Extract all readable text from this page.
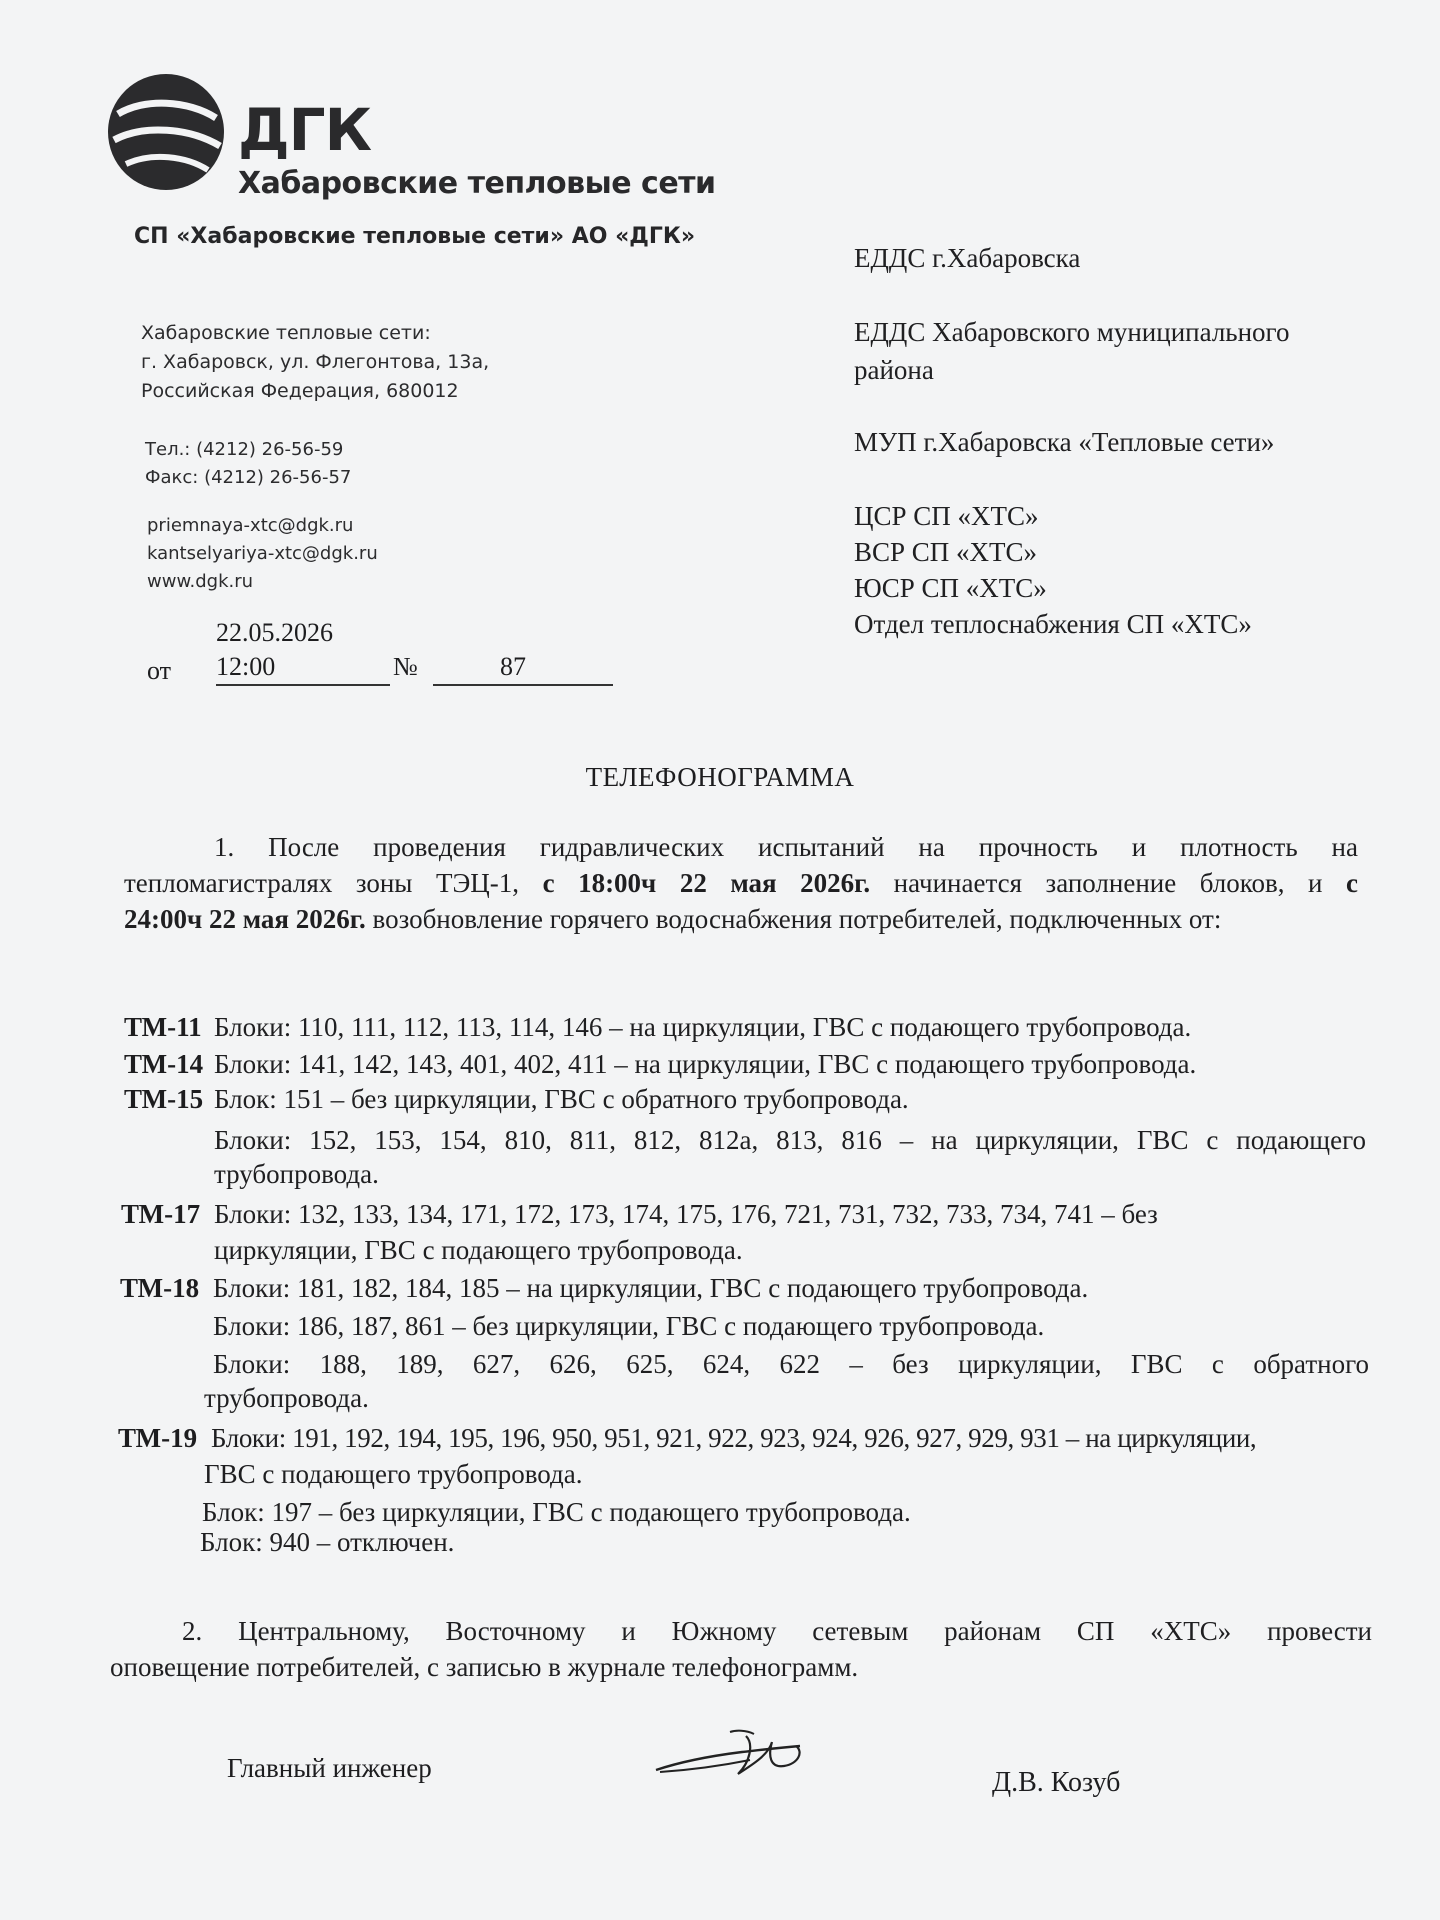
ДГК
Хабаровские тепловые сети
СП «Хабаровские тепловые сети» АО «ДГК»
Хабаровские тепловые сети:
г. Хабаровск, ул. Флегонтова, 13а,
Российская Федерация, 680012
Тел.: (4212) 26-56-59
Факс: (4212) 26-56-57
priemnaya-xtc@dgk.ru
kantselyariya-xtc@dgk.ru
www.dgk.ru
ЕДДС г.Хабаровска
ЕДДС Хабаровского муниципального
района
МУП г.Хабаровска «Тепловые сети»
ЦСР СП «ХТС»
ВСР СП «ХТС»
ЮСР СП «ХТС»
Отдел теплоснабжения СП «ХТС»
22.05.2026
от 12:00	№	87
ТЕЛЕФОНОГРАММА
1. После проведения гидравлических испытаний на прочность и плотность на
тепломагистралях зоны ТЭЦ-1, с 18:00ч 22 мая 2026г. начинается заполнение блоков, и с
24:00ч 22 мая 2026г. возобновление горячего водоснабжения потребителей, подключенных от:
ТМ-11 Блоки: 110, 111, 112, 113, 114, 146 – на циркуляции, ГВС с подающего трубопровода.
ТМ-14 Блоки: 141, 142, 143, 401, 402, 411 – на циркуляции, ГВС с подающего трубопровода.
ТМ-15 Блок: 151 – без циркуляции, ГВС с обратного трубопровода.
Блоки: 152, 153, 154, 810, 811, 812, 812а, 813, 816 – на циркуляции, ГВС с подающего
трубопровода.
ТМ-17 Блоки: 132, 133, 134, 171, 172, 173, 174, 175, 176, 721, 731, 732, 733, 734, 741 – без
циркуляции, ГВС с подающего трубопровода.
ТМ-18 Блоки: 181, 182, 184, 185 – на циркуляции, ГВС с подающего трубопровода.
Блоки: 186, 187, 861 – без циркуляции, ГВС с подающего трубопровода.
Блоки: 188, 189, 627, 626, 625, 624, 622 – без циркуляции, ГВС с обратного
трубопровода.
ТМ-19 Блоки: 191, 192, 194, 195, 196, 950, 951, 921, 922, 923, 924, 926, 927, 929, 931 – на циркуляции,
ГВС с подающего трубопровода.
Блок: 197 – без циркуляции, ГВС с подающего трубопровода.
Блок: 940 – отключен.
2. Центральному, Восточному и Южному сетевым районам СП «ХТС» провести
оповещение потребителей, с записью в журнале телефонограмм.
Главный инженер	Д.В. Козуб
